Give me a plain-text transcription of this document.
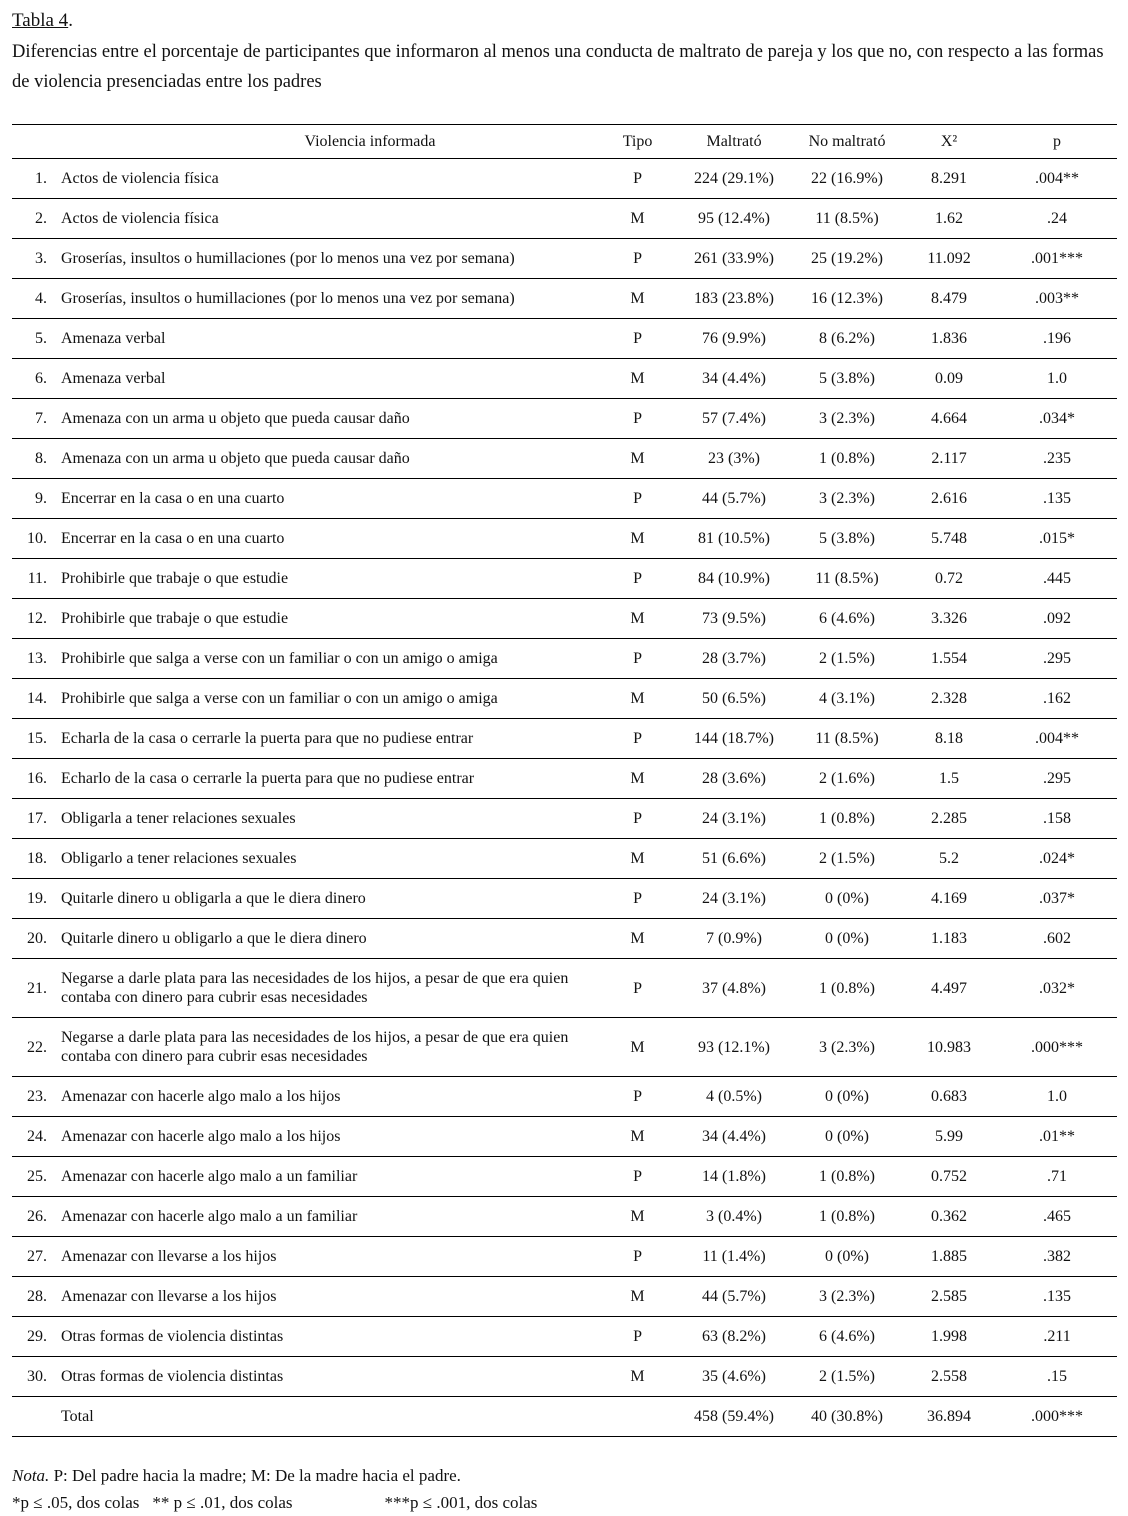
Tabla 4.
Diferencias entre el porcentaje de participantes que informaron al menos una conducta de maltrato de pareja y los que no, con respecto a las formas de violencia presenciadas entre los padres
Violencia informada		Tipo	Maltrató	No maltrató	X²	p
1.	Actos de violencia física	P	224 (29.1%)	22 (16.9%)	8.291	.004**
2.	Actos de violencia física	M	95 (12.4%)	11 (8.5%)	1.62	.24
3.	Groserías, insultos o humillaciones (por lo menos una vez por semana)	P	261 (33.9%)	25 (19.2%)	11.092	.001***
4.	Groserías, insultos o humillaciones (por lo menos una vez por semana)	M	183 (23.8%)	16 (12.3%)	8.479	.003**
5.	Amenaza verbal	P	76 (9.9%)	8 (6.2%)	1.836	.196
6.	Amenaza verbal	M	34 (4.4%)	5 (3.8%)	0.09	1.0
7.	Amenaza con un arma u objeto que pueda causar daño	P	57 (7.4%)	3 (2.3%)	4.664	.034*
8.	Amenaza con un arma u objeto que pueda causar daño	M	23 (3%)	1 (0.8%)	2.117	.235
9.	Encerrar en la casa o en una cuarto	P	44 (5.7%)	3 (2.3%)	2.616	.135
10.	Encerrar en la casa o en una cuarto	M	81 (10.5%)	5 (3.8%)	5.748	.015*
11.	Prohibirle que trabaje o que estudie	P	84 (10.9%)	11 (8.5%)	0.72	.445
12.	Prohibirle que trabaje o que estudie	M	73 (9.5%)	6 (4.6%)	3.326	.092
13.	Prohibirle que salga a verse con un familiar o con un amigo o amiga	P	28 (3.7%)	2 (1.5%)	1.554	.295
14.	Prohibirle que salga a verse con un familiar o con un amigo o amiga	M	50 (6.5%)	4 (3.1%)	2.328	.162
15.	Echarla de la casa o cerrarle la puerta para que no pudiese entrar	P	144 (18.7%)	11 (8.5%)	8.18	.004**
16.	Echarlo de la casa o cerrarle la puerta para que no pudiese entrar	M	28 (3.6%)	2 (1.6%)	1.5	.295
17.	Obligarla a tener relaciones sexuales	P	24 (3.1%)	1 (0.8%)	2.285	.158
18.	Obligarlo a tener relaciones sexuales	M	51 (6.6%)	2 (1.5%)	5.2	.024*
19.	Quitarle dinero u obligarla a que le diera dinero	P	24 (3.1%)	0 (0%)	4.169	.037*
20.	Quitarle dinero u obligarlo a que le diera dinero	M	7 (0.9%)	0 (0%)	1.183	.602
21.	Negarse a darle plata para las necesidades de los hijos, a pesar de que era quien contaba con dinero para cubrir esas necesidades	P	37 (4.8%)	1 (0.8%)	4.497	.032*
22.	Negarse a darle plata para las necesidades de los hijos, a pesar de que era quien contaba con dinero para cubrir esas necesidades	M	93 (12.1%)	3 (2.3%)	10.983	.000***
23.	Amenazar con hacerle algo malo a los hijos	P	4 (0.5%)	0 (0%)	0.683	1.0
24.	Amenazar con hacerle algo malo a los hijos	M	34 (4.4%)	0 (0%)	5.99	.01**
25.	Amenazar con hacerle algo malo a un familiar	P	14 (1.8%)	1 (0.8%)	0.752	.71
26.	Amenazar con hacerle algo malo a un familiar	M	3 (0.4%)	1 (0.8%)	0.362	.465
27.	Amenazar con llevarse a los hijos	P	11 (1.4%)	0 (0%)	1.885	.382
28.	Amenazar con llevarse a los hijos	M	44 (5.7%)	3 (2.3%)	2.585	.135
29.	Otras formas de violencia distintas	P	63 (8.2%)	6 (4.6%)	1.998	.211
30.	Otras formas de violencia distintas	M	35 (4.6%)	2 (1.5%)	2.558	.15
	Total		458 (59.4%)	40 (30.8%)	36.894	.000***
Nota. P: Del padre hacia la madre; M: De la madre hacia el padre.
*p ≤ .05, dos colas ** p ≤ .01, dos colas	***p ≤ .001, dos colas
